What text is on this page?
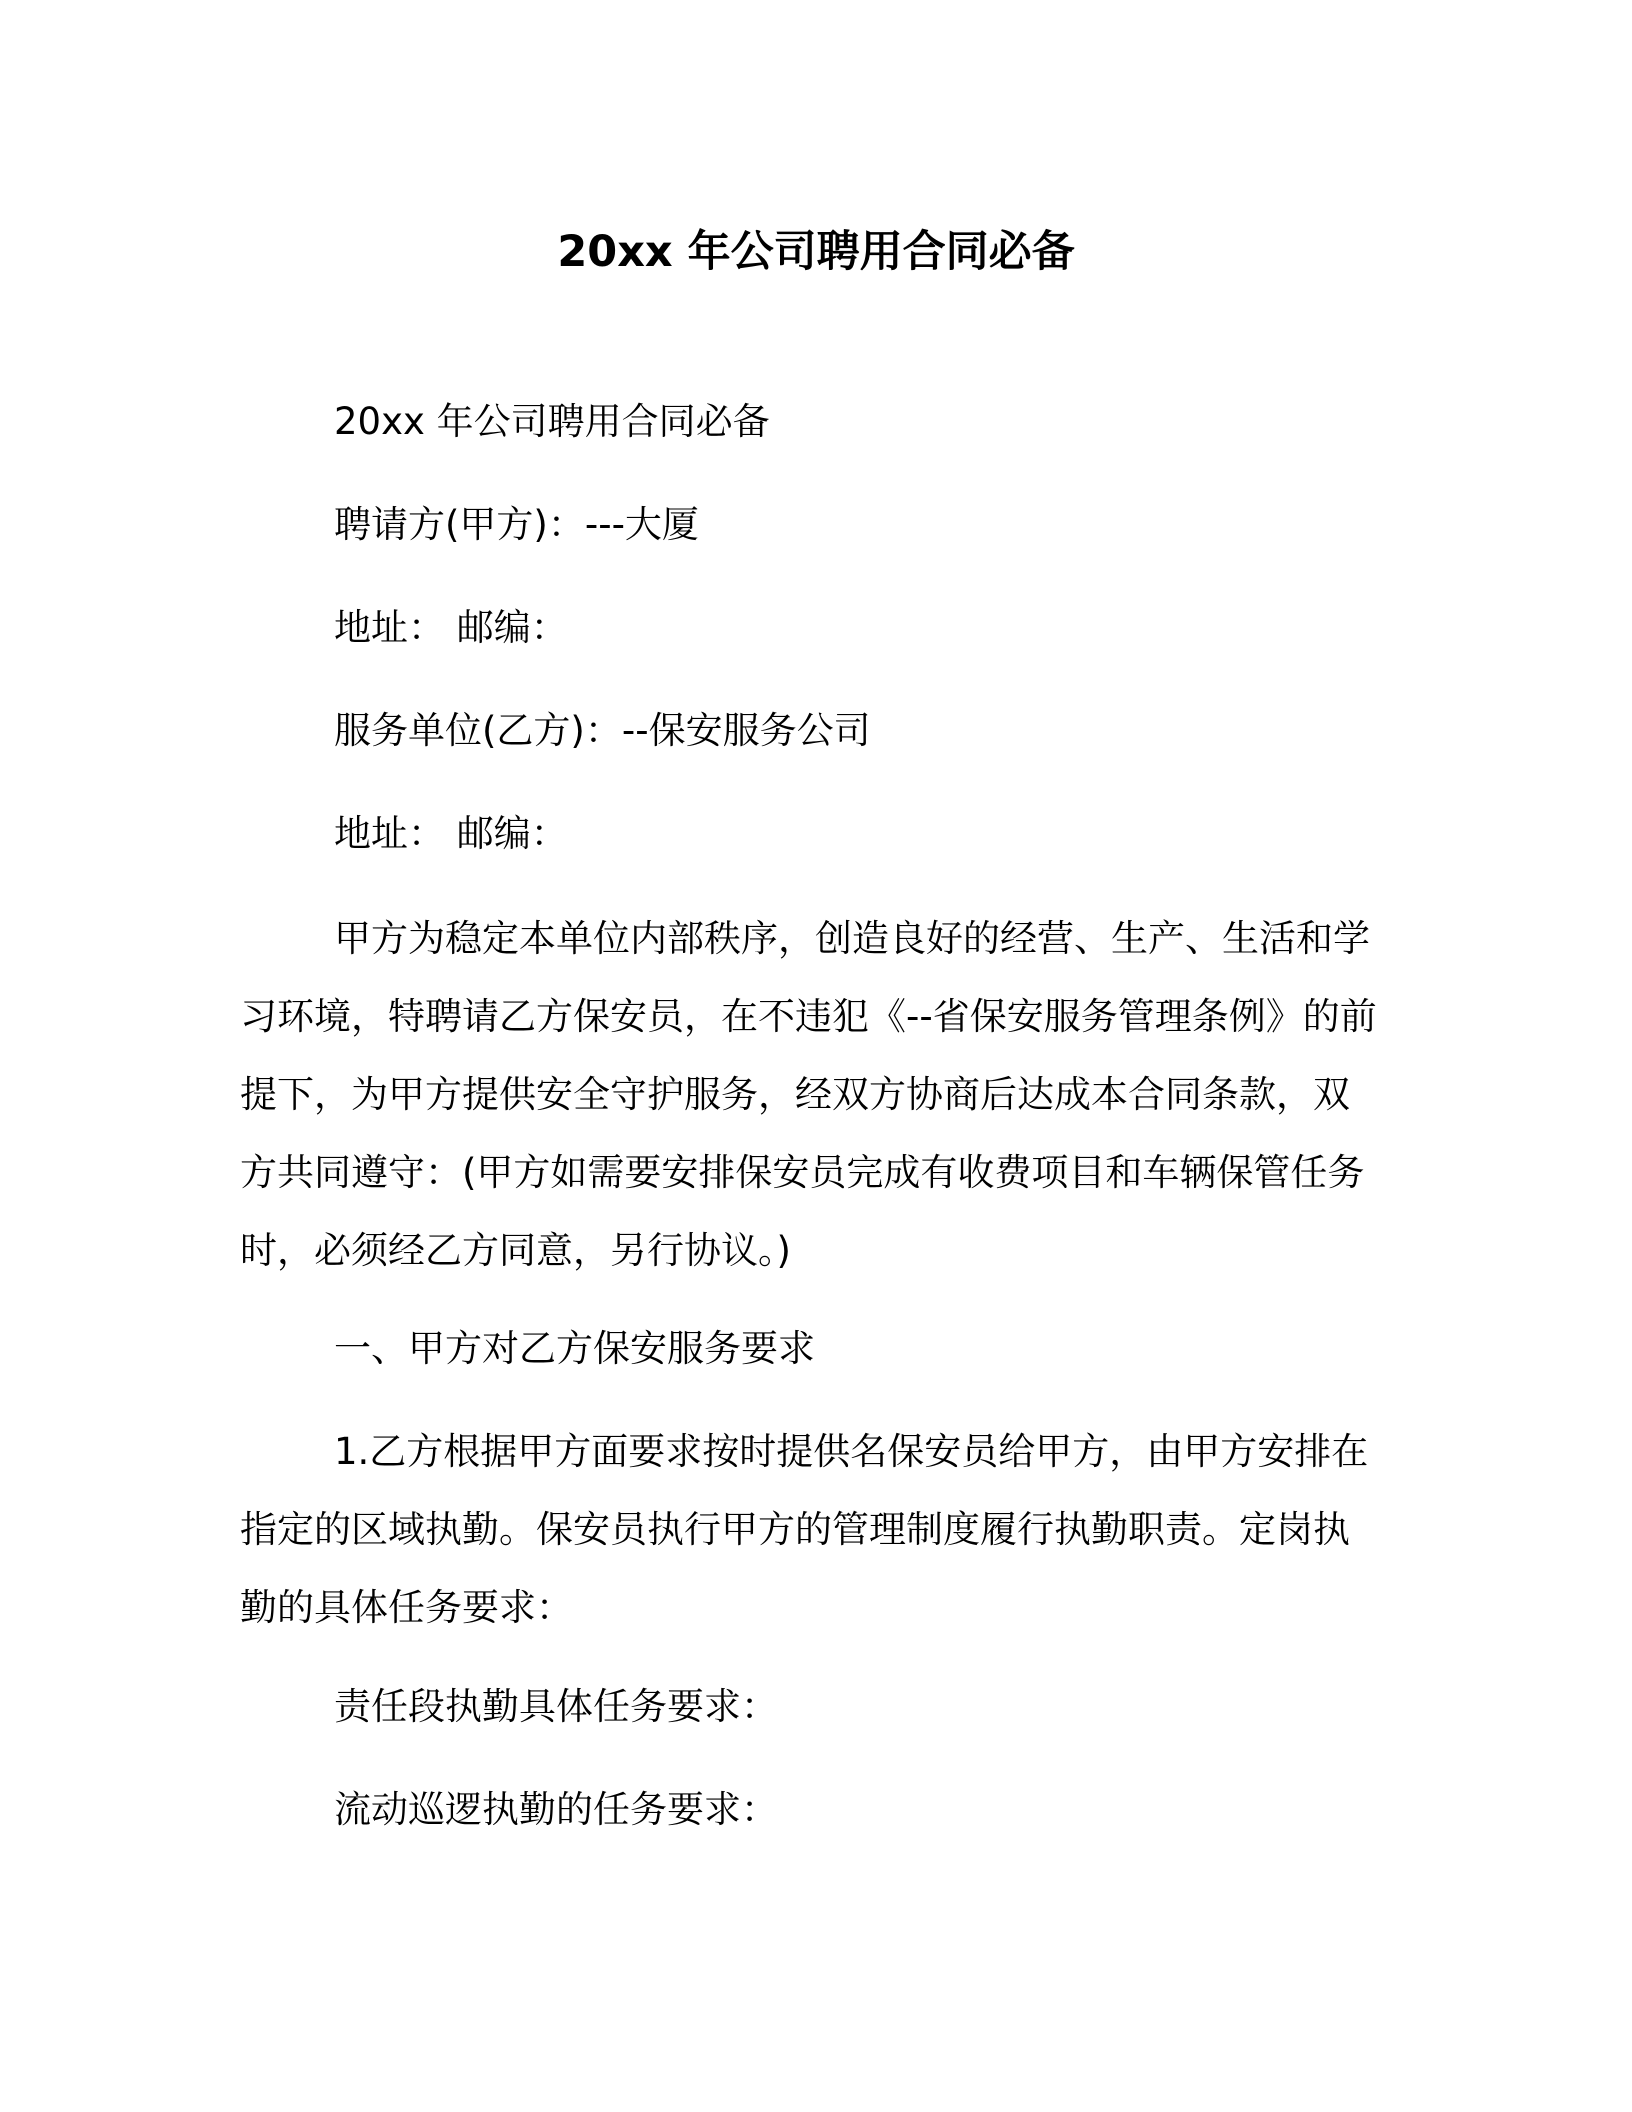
20xx 年公司聘用合同必备
20xx 年公司聘用合同必备
聘请方(甲方)：---大厦
地址： 邮编：
服务单位(乙方)：--保安服务公司
地址： 邮编：
甲方为稳定本单位内部秩序，创造良好的经营、生产、生活和学
习环境，特聘请乙方保安员，在不违犯《--省保安服务管理条例》的前
提下，为甲方提供安全守护服务，经双方协商后达成本合同条款，双
方共同遵守：(甲方如需要安排保安员完成有收费项目和车辆保管任务
时，必须经乙方同意，另行协议。)
一、甲方对乙方保安服务要求
1.乙方根据甲方面要求按时提供名保安员给甲方，由甲方安排在
指定的区域执勤。保安员执行甲方的管理制度履行执勤职责。定岗执
勤的具体任务要求：
责任段执勤具体任务要求：
流动巡逻执勤的任务要求：
